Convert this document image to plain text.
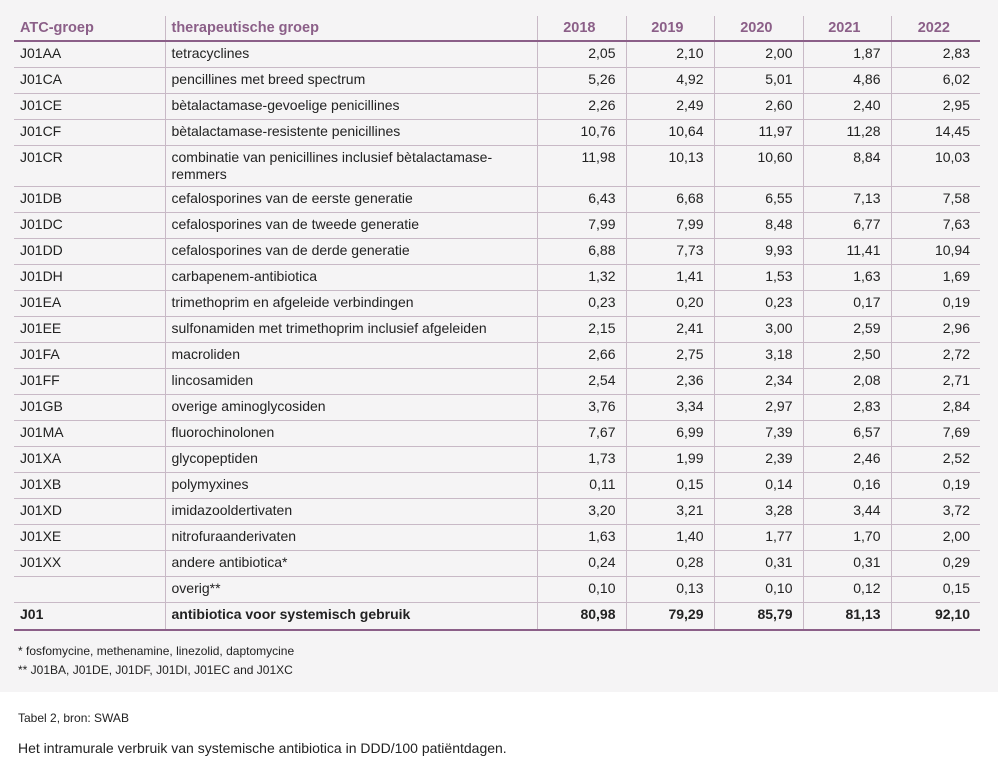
ATC-groep	therapeutische groep	2018	2019	2020	2021	2022
J01AA	tetracyclines	2,05	2,10	2,00	1,87	2,83
J01CA	pencillines met breed spectrum	5,26	4,92	5,01	4,86	6,02
J01CE	bètalactamase-gevoelige penicillines	2,26	2,49	2,60	2,40	2,95
J01CF	bètalactamase-resistente penicillines	10,76	10,64	11,97	11,28	14,45
J01CR	combinatie van penicillines inclusief bètalactamase-remmers	11,98	10,13	10,60	8,84	10,03
J01DB	cefalosporines van de eerste generatie	6,43	6,68	6,55	7,13	7,58
J01DC	cefalosporines van de tweede generatie	7,99	7,99	8,48	6,77	7,63
J01DD	cefalosporines van de derde generatie	6,88	7,73	9,93	11,41	10,94
J01DH	carbapenem-antibiotica	1,32	1,41	1,53	1,63	1,69
J01EA	trimethoprim en afgeleide verbindingen	0,23	0,20	0,23	0,17	0,19
J01EE	sulfonamiden met trimethoprim inclusief afgeleiden	2,15	2,41	3,00	2,59	2,96
J01FA	macroliden	2,66	2,75	3,18	2,50	2,72
J01FF	lincosamiden	2,54	2,36	2,34	2,08	2,71
J01GB	overige aminoglycosiden	3,76	3,34	2,97	2,83	2,84
J01MA	fluorochinolonen	7,67	6,99	7,39	6,57	7,69
J01XA	glycopeptiden	1,73	1,99	2,39	2,46	2,52
J01XB	polymyxines	0,11	0,15	0,14	0,16	0,19
J01XD	imidazooldertivaten	3,20	3,21	3,28	3,44	3,72
J01XE	nitrofuraanderivaten	1,63	1,40	1,77	1,70	2,00
J01XX	andere antibiotica*	0,24	0,28	0,31	0,31	0,29
	overig**	0,10	0,13	0,10	0,12	0,15
J01	antibiotica voor systemisch gebruik	80,98	79,29	85,79	81,13	92,10
* fosfomycine, methenamine, linezolid, daptomycine
** J01BA, J01DE, J01DF, J01DI, J01EC and J01XC
Tabel 2, bron: SWAB
Het intramurale verbruik van systemische antibiotica in DDD/100 patiëntdagen.
